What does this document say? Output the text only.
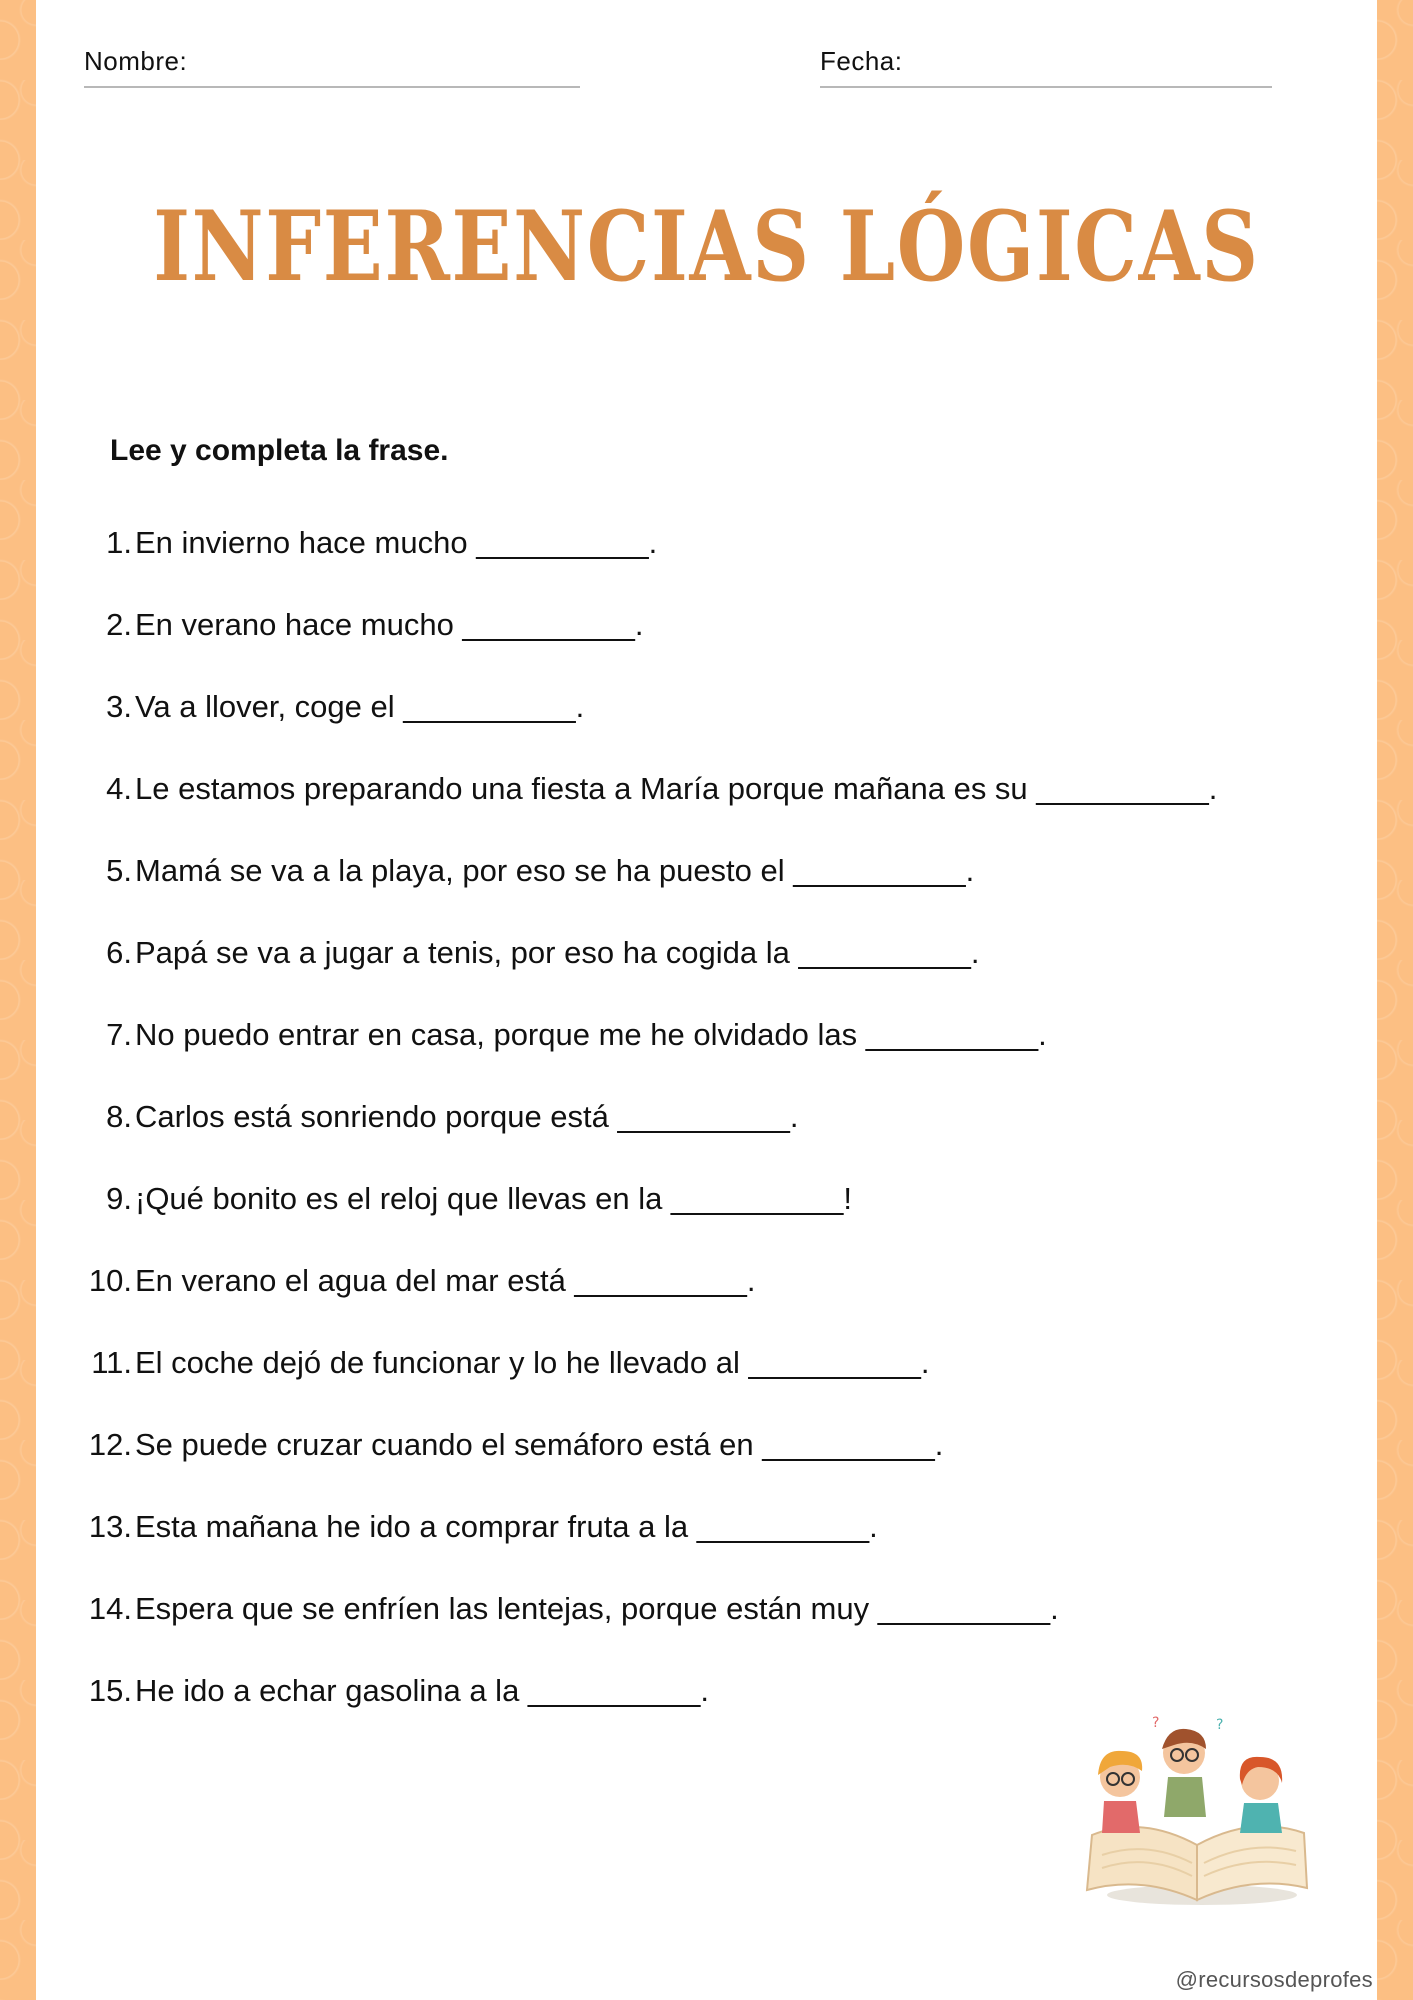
Nombre:	Fecha:
INFERENCIAS LÓGICAS
Lee y completa la frase.
1. En invierno hace mucho __________.
2. En verano hace mucho __________.
3. Va a llover, coge el __________.
4. Le estamos preparando una fiesta a María porque mañana es su __________.
5. Mamá se va a la playa, por eso se ha puesto el __________.
6. Papá se va a jugar a tenis, por eso ha cogida la __________.
7. No puedo entrar en casa, porque me he olvidado las __________.
8. Carlos está sonriendo porque está __________.
9. ¡Qué bonito es el reloj que llevas en la __________!
10. En verano el agua del mar está __________.
11. El coche dejó de funcionar y lo he llevado al __________.
12. Se puede cruzar cuando el semáforo está en __________.
13. Esta mañana he ido a comprar fruta a la __________.
14. Espera que se enfríen las lentejas, porque están muy __________.
15. He ido a echar gasolina a la __________.
?	?
@recursosdeprofes
